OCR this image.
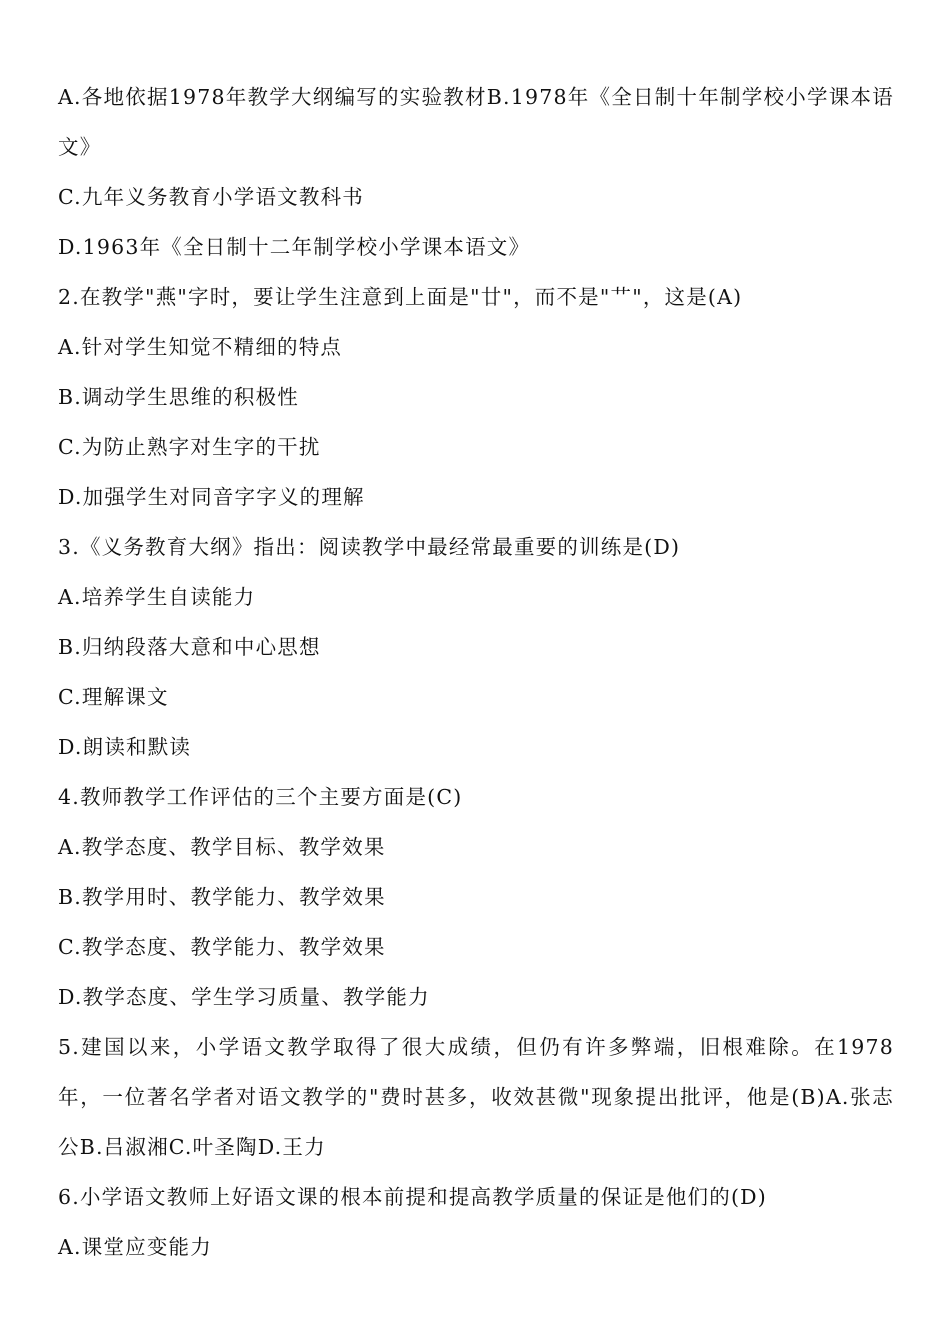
A.各地依据1978年教学大纲编写的实验教材B.1978年《全日制十年制学校小学课本语文》
C.九年义务教育小学语文教科书
D.1963年《全日制十二年制学校小学课本语文》
2.在教学"燕"字时，要让学生注意到上面是"廿"，而不是"艹"，这是(A)
A.针对学生知觉不精细的特点
B.调动学生思维的积极性
C.为防止熟字对生字的干扰
D.加强学生对同音字字义的理解
3.《义务教育大纲》指出：阅读教学中最经常最重要的训练是(D)
A.培养学生自读能力
B.归纳段落大意和中心思想
C.理解课文
D.朗读和默读
4.教师教学工作评估的三个主要方面是(C)
A.教学态度、教学目标、教学效果
B.教学用时、教学能力、教学效果
C.教学态度、教学能力、教学效果
D.教学态度、学生学习质量、教学能力
5.建国以来，小学语文教学取得了很大成绩，但仍有许多弊端，旧根难除。在1978年，一位著名学者对语文教学的"费时甚多，收效甚微"现象提出批评，他是(B)A.张志公B.吕淑湘C.叶圣陶D.王力
6.小学语文教师上好语文课的根本前提和提高教学质量的保证是他们的(D)
A.课堂应变能力
